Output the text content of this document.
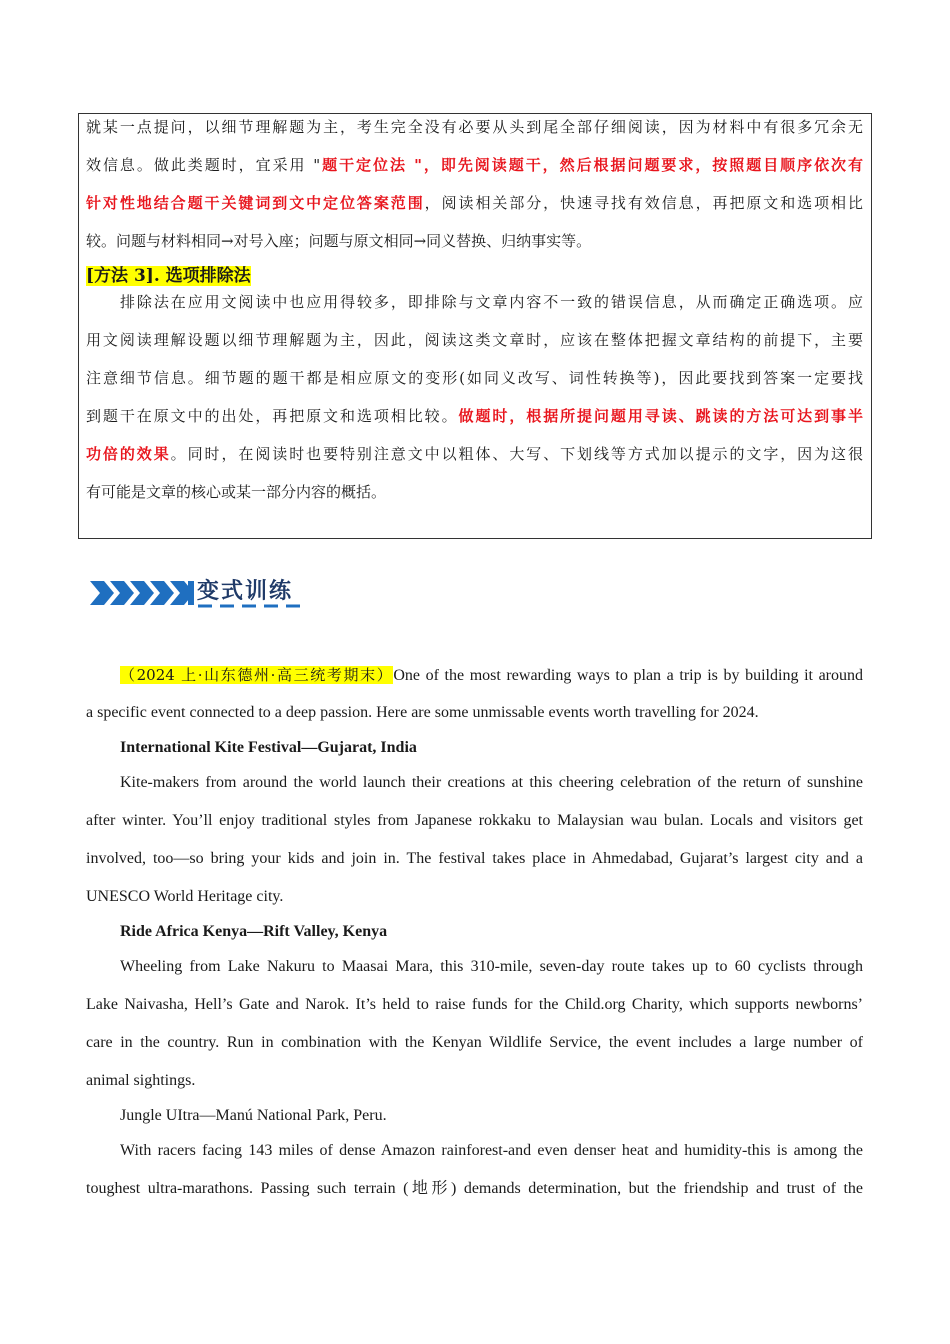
就某一点提问，以细节理解题为主，考生完全没有必要从头到尾全部仔细阅读，因为材料中有很多冗余无

效信息。做此类题时，宜采用 "题干定位法 "，即先阅读题干，然后根据问题要求，按照题目顺序依次有

针对性地结合题干关键词到文中定位答案范围，阅读相关部分，快速寻找有效信息，再把原文和选项相比

较。问题与材料相同→对号入座；问题与原文相同→同义替换、归纳事实等。

[方法 3]. 选项排除法

排除法在应用文阅读中也应用得较多，即排除与文章内容不一致的错误信息，从而确定正确选项。应

用文阅读理解设题以细节理解题为主，因此，阅读这类文章时，应该在整体把握文章结构的前提下，主要

注意细节信息。细节题的题干都是相应原文的变形(如同义改写、词性转换等)，因此要找到答案一定要找

到题干在原文中的出处，再把原文和选项相比较。做题时，根据所提问题用寻读、跳读的方法可达到事半

功倍的效果。同时，在阅读时也要特别注意文中以粗体、大写、下划线等方式加以提示的文字，因为这很

有可能是文章的核心或某一部分内容的概括。

变式训练

（2024 上·山东德州·高三统考期末）One of the most rewarding ways to plan a trip is by building it around

a specific event connected to a deep passion. Here are some unmissable events worth travelling for 2024.

International Kite Festival—Gujarat, India

Kite-makers from around the world launch their creations at this cheering celebration of the return of sunshine

after winter. You’ll enjoy traditional styles from Japanese rokkaku to Malaysian wau bulan. Locals and visitors get

involved, too—so bring your kids and join in. The festival takes place in Ahmedabad, Gujarat’s largest city and a

UNESCO World Heritage city.

Ride Africa Kenya—Rift Valley, Kenya

Wheeling from Lake Nakuru to Maasai Mara, this 310-mile, seven-day route takes up to 60 cyclists through

Lake Naivasha, Hell’s Gate and Narok. It’s held to raise funds for the Child.org Charity, which supports newborns’

care in the country. Run in combination with the Kenyan Wildlife Service, the event includes a large number of

animal sightings.

Jungle UItra—Manú National Park, Peru.

With racers facing 143 miles of dense Amazon rainforest-and even denser heat and humidity-this is among the

toughest ultra-marathons. Passing such terrain (地形) demands determination, but the friendship and trust of the
